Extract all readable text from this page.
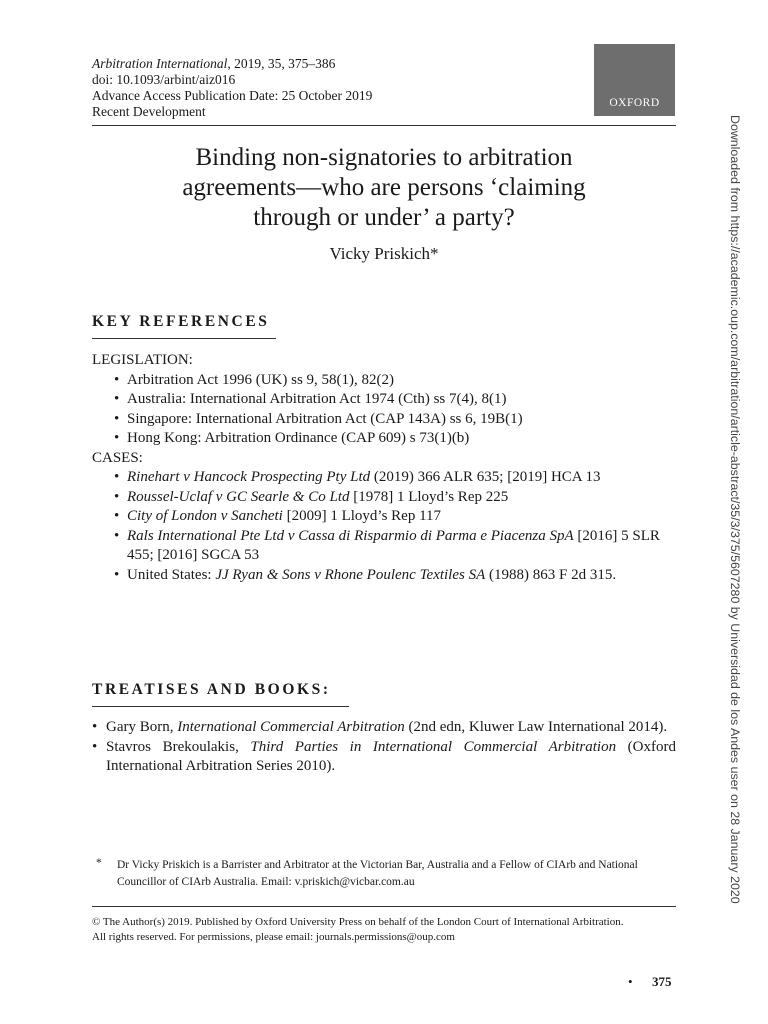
Arbitration International, 2019, 35, 375–386
doi: 10.1093/arbint/aiz016
Advance Access Publication Date: 25 October 2019
Recent Development
OXFORD
Binding non-signatories to arbitration
agreements—who are persons ‘claiming
through or under’ a party?
Vicky Priskich*
KEY REFERENCES
LEGISLATION:
• Arbitration Act 1996 (UK) ss 9, 58(1), 82(2)
• Australia: International Arbitration Act 1974 (Cth) ss 7(4), 8(1)
• Singapore: International Arbitration Act (CAP 143A) ss 6, 19B(1)
• Hong Kong: Arbitration Ordinance (CAP 609) s 73(1)(b)
CASES:
• Rinehart v Hancock Prospecting Pty Ltd (2019) 366 ALR 635; [2019] HCA 13
• Roussel-Uclaf v GC Searle & Co Ltd [1978] 1 Lloyd’s Rep 225
• City of London v Sancheti [2009] 1 Lloyd’s Rep 117
• Rals International Pte Ltd v Cassa di Risparmio di Parma e Piacenza SpA [2016] 5 SLR 455; [2016] SGCA 53
• United States: JJ Ryan & Sons v Rhone Poulenc Textiles SA (1988) 863 F 2d 315.
TREATISES AND BOOKS:
• Gary Born, International Commercial Arbitration (2nd edn, Kluwer Law International 2014).
• Stavros Brekoulakis, Third Parties in International Commercial Arbitration (Oxford International Arbitration Series 2010).
* Dr Vicky Priskich is a Barrister and Arbitrator at the Victorian Bar, Australia and a Fellow of CIArb and National Councillor of CIArb Australia. Email: v.priskich@vicbar.com.au
© The Author(s) 2019. Published by Oxford University Press on behalf of the London Court of International Arbitration.
All rights reserved. For permissions, please email: journals.permissions@oup.com
• 375
Downloaded from https://academic.oup.com/arbitration/article-abstract/35/3/375/5607280 by Universidad de los Andes user on 28 January 2020
